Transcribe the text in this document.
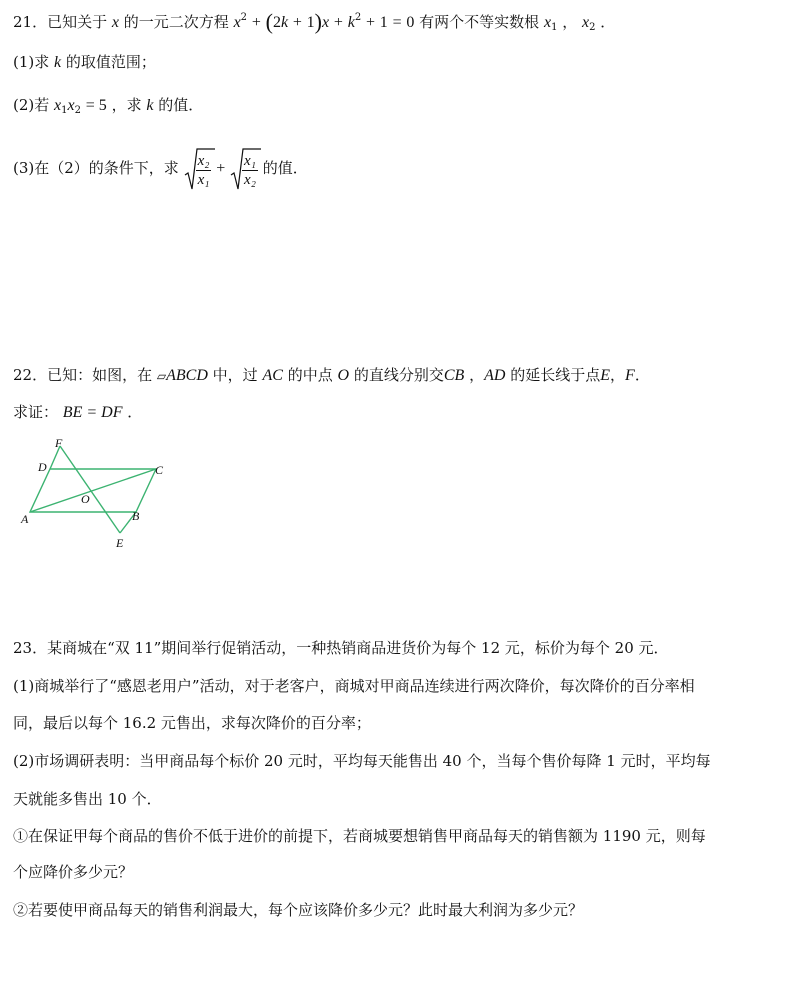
21．已知关于 x 的一元二次方程 $x^2 + (2k + 1)x + k^2 + 1 = 0$ 有两个不等实数根 $x_1$ ， $x_2$ ．
(1)求 k 的取值范围；
(2)若 $x_1x_2 = 5$ ，求 k 的值．
(3)在（2）的条件下，求 $\frac{\text{x₂}}{\text{x₁}} + \frac{\text{x₁}}{\text{x₂}}$ 的值．
22．已知：如图，在 ▱ABCD 中，过 AC 的中点 O 的直线分别交CB ，AD 的延长线于点E，F．
求证： BE = DF ．
F
D	C
O
A	B
E
23．某商城在“双 11”期间举行促销活动，一种热销商品进货价为每个 12 元，标价为每个 20 元．
(1)商城举行了“感恩老用户”活动，对于老客户，商城对甲商品连续进行两次降价，每次降价的百分率相
同，最后以每个 16.2 元售出，求每次降价的百分率；
(2)市场调研表明：当甲商品每个标价 20 元时，平均每天能售出 40 个，当每个售价每降 1 元时，平均每
天就能多售出 10 个．
①在保证甲每个商品的售价不低于进价的前提下，若商城要想销售甲商品每天的销售额为 1190 元，则每
个应降价多少元？
②若要使甲商品每天的销售利润最大，每个应该降价多少元？此时最大利润为多少元？
